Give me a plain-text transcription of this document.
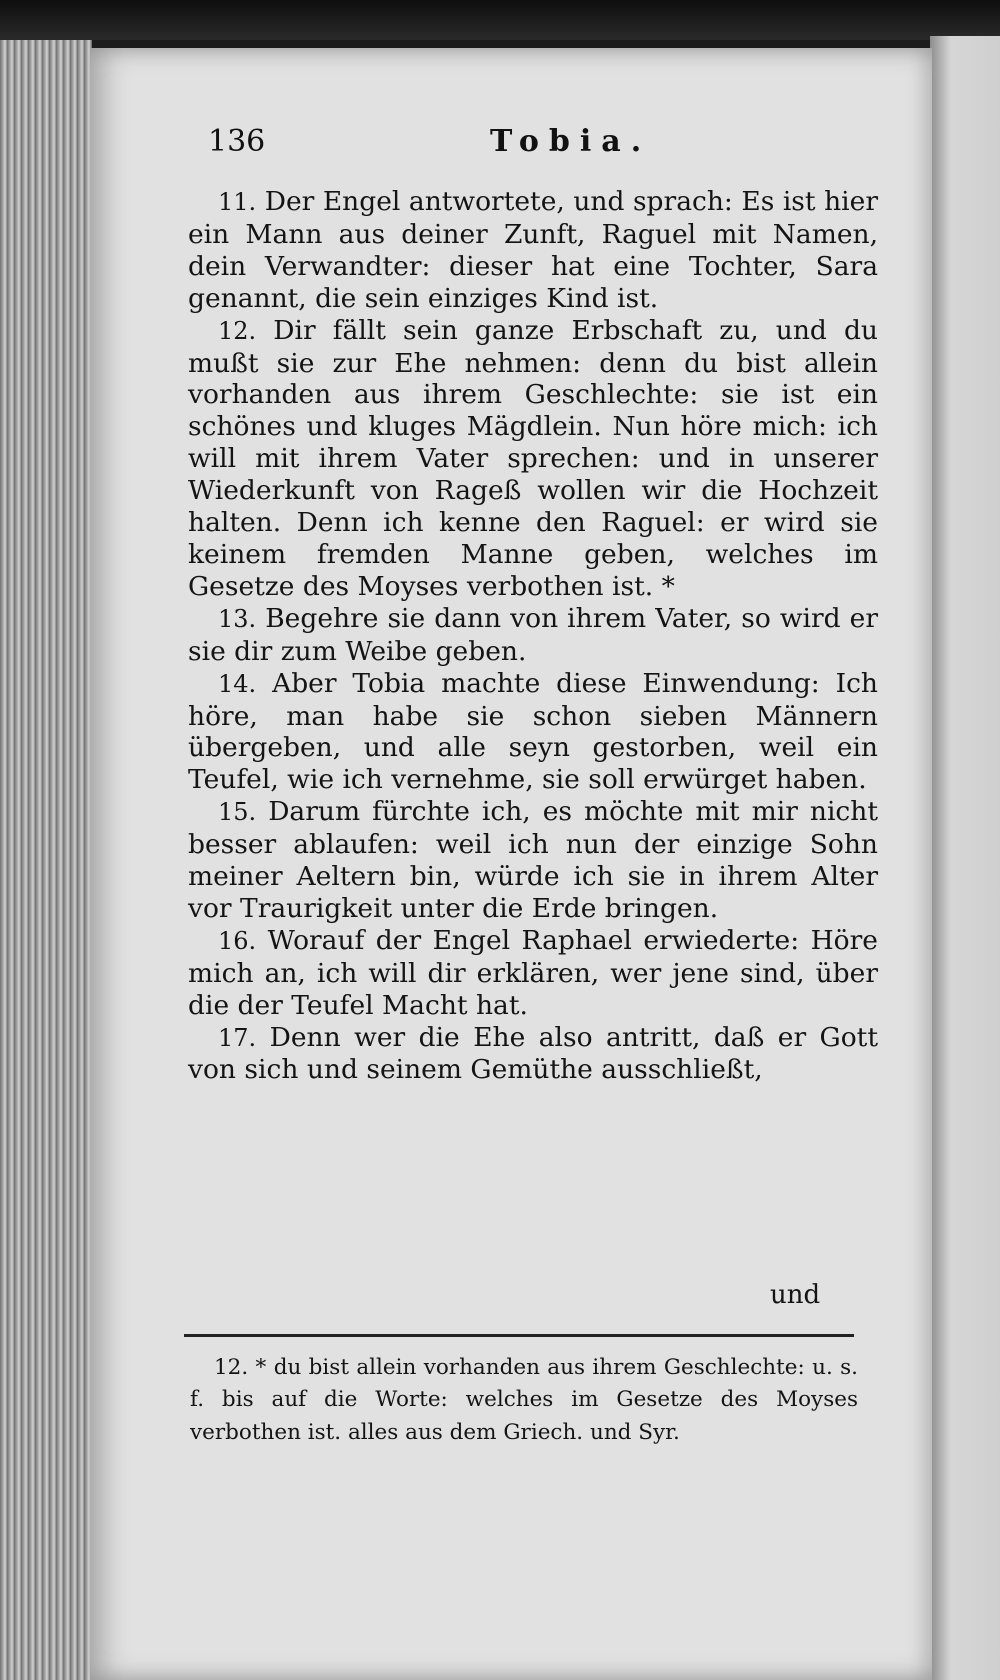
136	Tobia.

11. Der Engel antwortete, und sprach: Es ist hier ein Mann aus deiner Zunft, Raguel mit Namen, dein Verwandter: dieser hat eine Tochter, Sara genannt, die sein einziges Kind ist.

12. Dir fällt sein ganze Erbschaft zu, und du mußt sie zur Ehe nehmen: denn du bist allein vorhanden aus ihrem Geschlechte: sie ist ein schönes und kluges Mägdlein. Nun höre mich: ich will mit ihrem Vater sprechen: und in unserer Wiederkunft von Rageß wollen wir die Hochzeit halten. Denn ich kenne den Raguel: er wird sie keinem fremden Manne geben, welches im Gesetze des Moyses verbothen ist. *

13. Begehre sie dann von ihrem Vater, so wird er sie dir zum Weibe geben.

14. Aber Tobia machte diese Einwendung: Ich höre, man habe sie schon sieben Männern übergeben, und alle seyn gestorben, weil ein Teufel, wie ich vernehme, sie soll erwürget haben.

15. Darum fürchte ich, es möchte mit mir nicht besser ablaufen: weil ich nun der einzige Sohn meiner Aeltern bin, würde ich sie in ihrem Alter vor Traurigkeit unter die Erde bringen.

16. Worauf der Engel Raphael erwiederte: Höre mich an, ich will dir erklären, wer jene sind, über die der Teufel Macht hat.

17. Denn wer die Ehe also antritt, daß er Gott von sich und seinem Gemüthe ausschließt,

und

12. * du bist allein vorhanden aus ihrem Geschlechte: u. s. f. bis auf die Worte: welches im Gesetze des Moyses verbothen ist. alles aus dem Griech. und Syr.
